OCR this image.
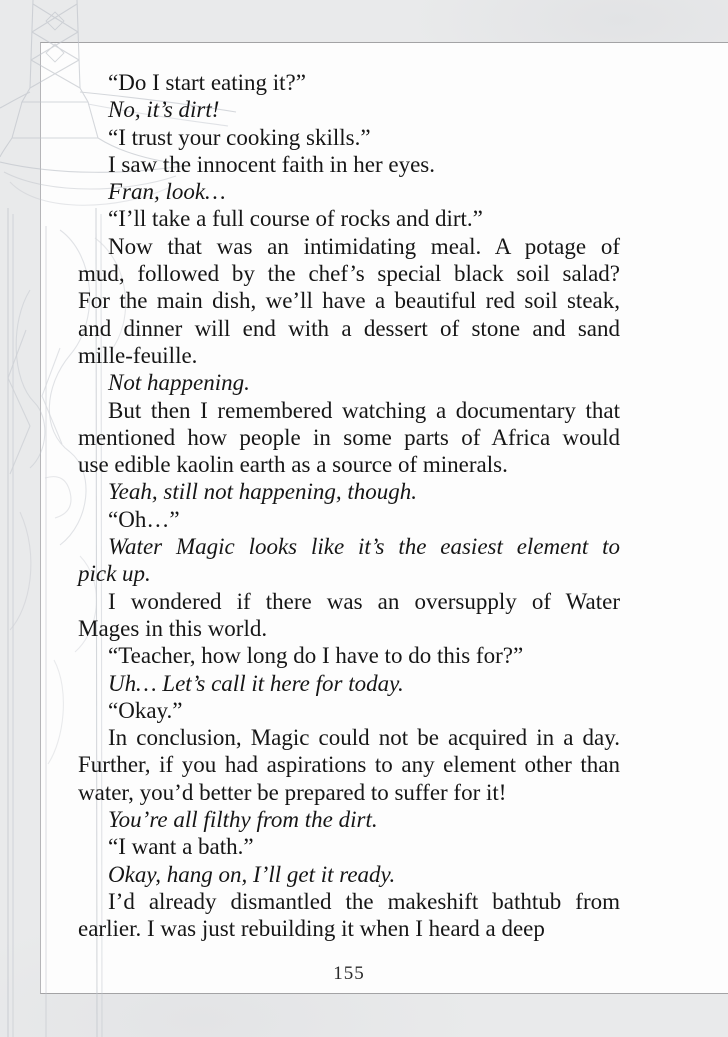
“Do I start eating it?”
No, it’s dirt!
“I trust your cooking skills.”
I saw the innocent faith in her eyes.
Fran, look…
“I’ll take a full course of rocks and dirt.”
Now that was an intimidating meal. A potage of
mud, followed by the chef’s special black soil salad?
For the main dish, we’ll have a beautiful red soil steak,
and dinner will end with a dessert of stone and sand
mille-feuille.
Not happening.
But then I remembered watching a documentary that
mentioned how people in some parts of Africa would
use edible kaolin earth as a source of minerals.
Yeah, still not happening, though.
“Oh…”
Water Magic looks like it’s the easiest element to
pick up.
I wondered if there was an oversupply of Water
Mages in this world.
“Teacher, how long do I have to do this for?”
Uh… Let’s call it here for today.
“Okay.”
In conclusion, Magic could not be acquired in a day.
Further, if you had aspirations to any element other than
water, you’d better be prepared to suffer for it!
You’re all filthy from the dirt.
“I want a bath.”
Okay, hang on, I’ll get it ready.
I’d already dismantled the makeshift bathtub from
earlier. I was just rebuilding it when I heard a deep
155
